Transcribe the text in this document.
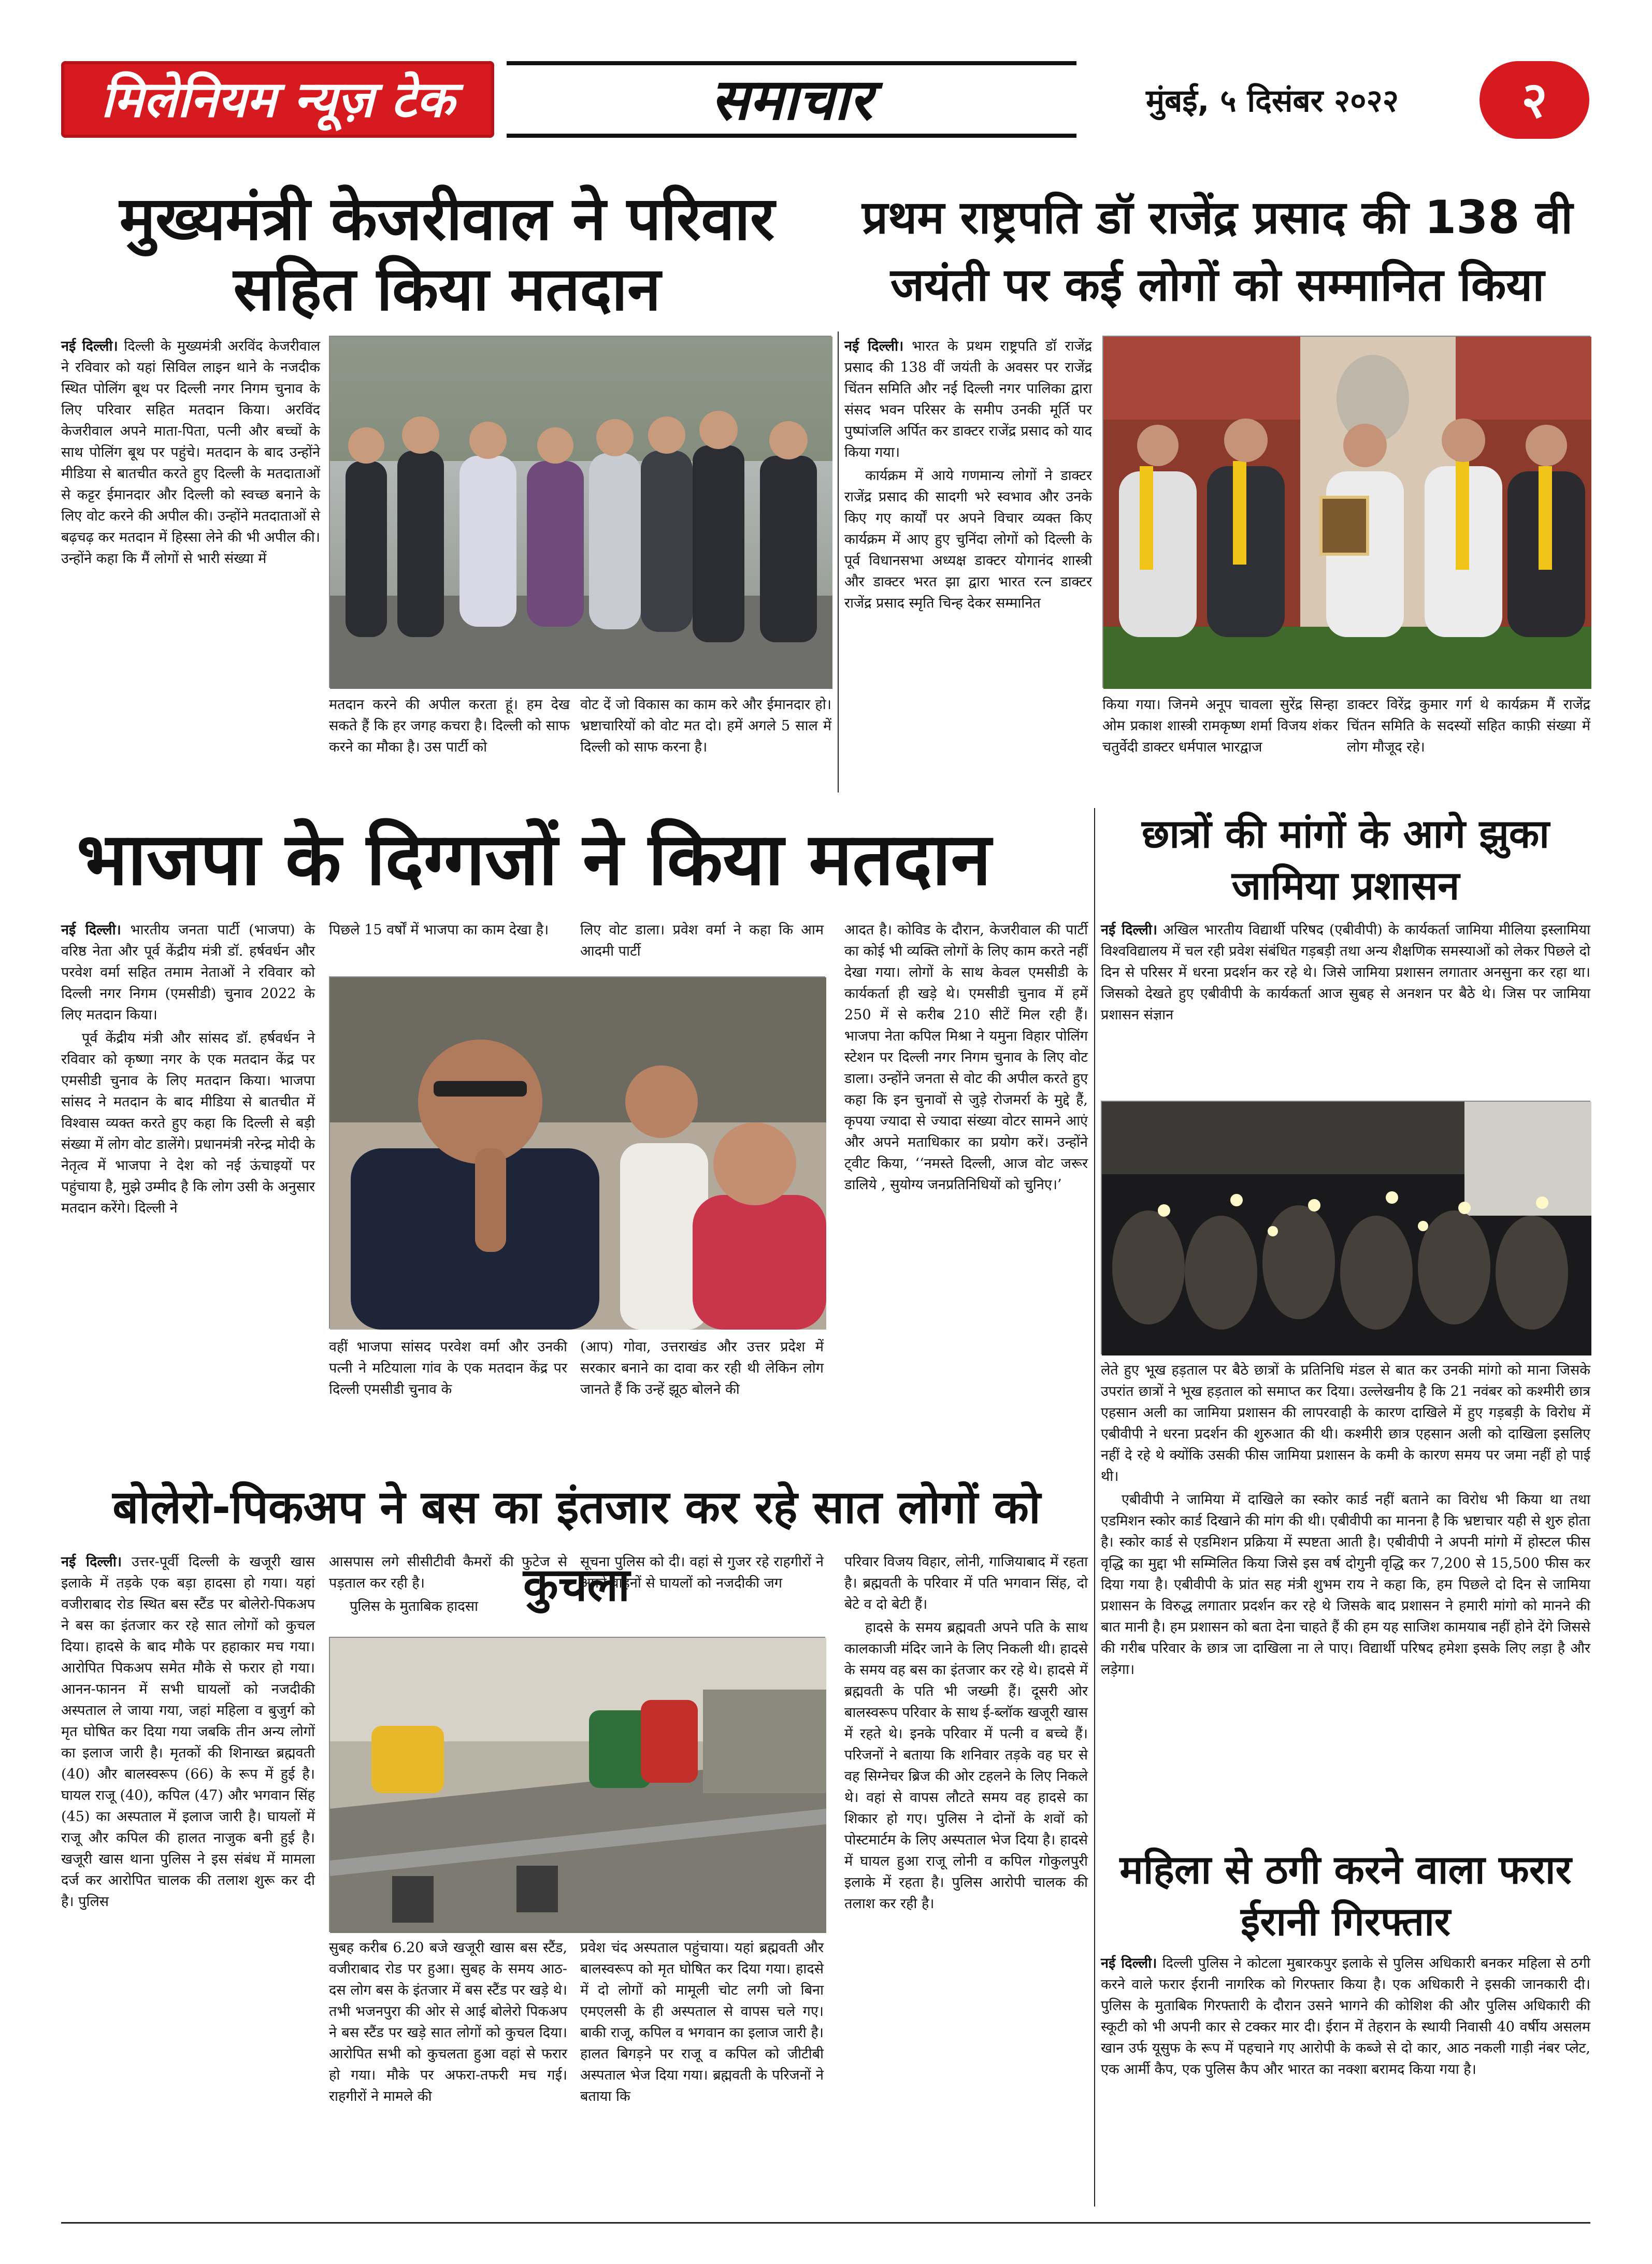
मिलेनियम न्यूज़ टेक	समाचार	मुंबई, ५ दिसंबर २०२२	२
मुख्यमंत्री केजरीवाल ने परिवार सहित किया मतदान
नई दिल्ली। दिल्ली के मुख्यमंत्री अरविंद केजरीवाल ने रविवार को यहां सिविल लाइन थाने के नजदीक स्थित पोलिंग बूथ पर दिल्ली नगर निगम चुनाव के लिए परिवार सहित मतदान किया। अरविंद केजरीवाल अपने माता-पिता, पत्नी और बच्चों के साथ पोलिंग बूथ पर पहुंचे। मतदान के बाद उन्होंने मीडिया से बातचीत करते हुए दिल्ली के मतदाताओं से कट्टर ईमानदार और दिल्ली को स्वच्छ बनाने के लिए वोट करने की अपील की। उन्होंने मतदाताओं से बढ़चढ़ कर मतदान में हिस्सा लेने की भी अपील की। उन्होंने कहा कि मैं लोगों से भारी संख्या में
मतदान करने की अपील करता हूं। हम देख सकते हैं कि हर जगह कचरा है। दिल्ली को साफ करने का मौका है। उस पार्टी को
वोट दें जो विकास का काम करे और ईमानदार हो। भ्रष्टाचारियों को वोट मत दो। हमें अगले 5 साल में दिल्ली को साफ करना है।
प्रथम राष्ट्रपति डॉ राजेंद्र प्रसाद की 138 वी जयंती पर कई लोगों को सम्मानित किया

नई दिल्ली। भारत के प्रथम राष्ट्रपति डॉ राजेंद्र प्रसाद की 138 वीं जयंती के अवसर पर राजेंद्र चिंतन समिति और नई दिल्ली नगर पालिका द्वारा संसद भवन परिसर के समीप उनकी मूर्ति पर पुष्पांजलि अर्पित कर डाक्टर राजेंद्र प्रसाद को याद किया गया।

कार्यक्रम में आये गणमान्य लोगों ने डाक्टर राजेंद्र प्रसाद की सादगी भरे स्वभाव और उनके किए गए कार्यों पर अपने विचार व्यक्त किए कार्यक्रम में आए हुए चुनिंदा लोगों को दिल्ली के पूर्व विधानसभा अध्यक्ष डाक्टर योगानंद शास्त्री और डाक्टर भरत झा द्वारा भारत रत्न डाक्टर राजेंद्र प्रसाद स्मृति चिन्ह देकर सम्मानित

किया गया। जिनमे अनूप चावला सुरेंद्र सिन्हा ओम प्रकाश शास्त्री रामकृष्ण शर्मा विजय शंकर चतुर्वेदी डाक्टर धर्मपाल भारद्वाज
डाक्टर विरेंद्र कुमार गर्ग थे कार्यक्रम मैं राजेंद्र चिंतन समिति के सदस्यों सहित काफ़ी संख्या में लोग मौजूद रहे।
भाजपा के दिग्गजों ने किया मतदान

नई दिल्ली। भारतीय जनता पार्टी (भाजपा) के वरिष्ठ नेता और पूर्व केंद्रीय मंत्री डॉ. हर्षवर्धन और परवेश वर्मा सहित तमाम नेताओं ने रविवार को दिल्ली नगर निगम (एमसीडी) चुनाव 2022 के लिए मतदान किया।

पूर्व केंद्रीय मंत्री और सांसद डॉ. हर्षवर्धन ने रविवार को कृष्णा नगर के एक मतदान केंद्र पर एमसीडी चुनाव के लिए मतदान किया। भाजपा सांसद ने मतदान के बाद मीडिया से बातचीत में विश्वास व्यक्त करते हुए कहा कि दिल्ली से बड़ी संख्या में लोग वोट डालेंगे। प्रधानमंत्री नरेन्द्र मोदी के नेतृत्व में भाजपा ने देश को नई ऊंचाइयों पर पहुंचाया है, मुझे उम्मीद है कि लोग उसी के अनुसार मतदान करेंगे। दिल्ली ने

पिछले 15 वर्षों में भाजपा का काम देखा है।	लिए वोट डाला। प्रवेश वर्मा ने कहा कि आम आदमी पार्टी
वहीं भाजपा सांसद परवेश वर्मा और उनकी पत्नी ने मटियाला गांव के एक मतदान केंद्र पर दिल्ली एमसीडी चुनाव के
(आप) गोवा, उत्तराखंड और उत्तर प्रदेश में सरकार बनाने का दावा कर रही थी लेकिन लोग जानते हैं कि उन्हें झूठ बोलने की
आदत है। कोविड के दौरान, केजरीवाल की पार्टी का कोई भी व्यक्ति लोगों के लिए काम करते नहीं देखा गया। लोगों के साथ केवल एमसीडी के कार्यकर्ता ही खड़े थे। एमसीडी चुनाव में हमें 250 में से करीब 210 सीटें मिल रही हैं। भाजपा नेता कपिल मिश्रा ने यमुना विहार पोलिंग स्टेशन पर दिल्ली नगर निगम चुनाव के लिए वोट डाला। उन्होंने जनता से वोट की अपील करते हुए कहा कि इन चुनावों से जुड़े रोजमर्रा के मुद्दे हैं, कृपया ज्यादा से ज्यादा संख्या वोटर सामने आएं और अपने मताधिकार का प्रयोग करें। उन्होंने ट्वीट किया, ‘‘नमस्ते दिल्ली, आज वोट जरूर डालिये , सुयोग्य जनप्रतिनिधियों को चुनिए।’
छात्रों की मांगों के आगे झुका जामिया प्रशासन
नई दिल्ली। अखिल भारतीय विद्यार्थी परिषद (एबीवीपी) के कार्यकर्ता जामिया मीलिया इस्लामिया विश्वविद्यालय में चल रही प्रवेश संबंधित गड़बड़ी तथा अन्य शैक्षणिक समस्याओं को लेकर पिछले दो दिन से परिसर में धरना प्रदर्शन कर रहे थे। जिसे जामिया प्रशासन लगातार अनसुना कर रहा था। जिसको देखते हुए एबीवीपी के कार्यकर्ता आज सुबह से अनशन पर बैठे थे। जिस पर जामिया प्रशासन संज्ञान

लेते हुए भूख हड़ताल पर बैठे छात्रों के प्रतिनिधि मंडल से बात कर उनकी मांगो को माना जिसके उपरांत छात्रों ने भूख हड़ताल को समाप्त कर दिया। उल्लेखनीय है कि 21 नवंबर को कश्मीरी छात्र एहसान अली का जामिया प्रशासन की लापरवाही के कारण दाखिले में हुए गड़बड़ी के विरोध में एबीवीपी ने धरना प्रदर्शन की शुरुआत की थी। कश्मीरी छात्र एहसान अली को दाखिला इसलिए नहीं दे रहे थे क्योंकि उसकी फीस जामिया प्रशासन के कमी के कारण समय पर जमा नहीं हो पाई थी।

एबीवीपी ने जामिया में दाखिले का स्कोर कार्ड नहीं बताने का विरोध भी किया था तथा एडमिशन स्कोर कार्ड दिखाने की मांग की थी। एबीवीपी का मानना है कि भ्रष्टाचार यही से शुरु होता है। स्कोर कार्ड से एडमिशन प्रक्रिया में स्पष्टता आती है। एबीवीपी ने अपनी मांगो में होस्टल फीस वृद्धि का मुद्दा भी सम्मिलित किया जिसे इस वर्ष दोगुनी वृद्धि कर 7,200 से 15,500 फीस कर दिया गया है। एबीवीपी के प्रांत सह मंत्री शुभम राय ने कहा कि, हम पिछले दो दिन से जामिया प्रशासन के विरुद्ध लगातार प्रदर्शन कर रहे थे जिसके बाद प्रशासन ने हमारी मांगो को मानने की बात मानी है। हम प्रशासन को बता देना चाहते हैं की हम यह साजिश कामयाब नहीं होने देंगे जिससे की गरीब परिवार के छात्र जा दाखिला ना ले पाए। विद्यार्थी परिषद हमेशा इसके लिए लड़ा है और लड़ेगा।

बोलेरो-पिकअप ने बस का इंतजार कर रहे सात लोगों को कुचला
नई दिल्ली। उत्तर-पूर्वी दिल्ली के खजूरी खास इलाके में तड़के एक बड़ा हादसा हो गया। यहां वजीराबाद रोड स्थित बस स्टैंड पर बोलेरो-पिकअप ने बस का इंतजार कर रहे सात लोगों को कुचल दिया। हादसे के बाद मौके पर हहाकार मच गया। आरोपित पिकअप समेत मौके से फरार हो गया। आनन-फानन में सभी घायलों को नजदीकी अस्पताल ले जाया गया, जहां महिला व बुजुर्ग को मृत घोषित कर दिया गया जबकि तीन अन्य लोगों का इलाज जारी है। मृतकों की शिनाख्त ब्रह्मवती (40) और बालस्वरूप (66) के रूप में हुई है। घायल राजू (40), कपिल (47) और भगवान सिंह (45) का अस्पताल में इलाज जारी है। घायलों में राजू और कपिल की हालत नाजुक बनी हुई है। खजूरी खास थाना पुलिस ने इस संबंध में मामला दर्ज कर आरोपित चालक की तलाश शुरू कर दी है। पुलिस

आसपास लगे सीसीटीवी कैमरों की फुटेज से पड़ताल कर रही है।

पुलिस के मुताबिक हादसा

सूचना पुलिस को दी। वहां से गुजर रहे राहगीरों ने अपने वाहनों से घायलों को नजदीकी जग
सुबह करीब 6.20 बजे खजूरी खास बस स्टैंड, वजीराबाद रोड पर हुआ। सुबह के समय आठ-दस लोग बस के इंतजार में बस स्टैंड पर खड़े थे। तभी भजनपुरा की ओर से आई बोलेरो पिकअप ने बस स्टैंड पर खड़े सात लोगों को कुचल दिया। आरोपित सभी को कुचलता हुआ वहां से फरार हो गया। मौके पर अफरा-तफरी मच गई। राहगीरों ने मामले की
प्रवेश चंद अस्पताल पहुंचाया। यहां ब्रह्मवती और बालस्वरूप को मृत घोषित कर दिया गया। हादसे में दो लोगों को मामूली चोट लगी जो बिना एमएलसी के ही अस्पताल से वापस चले गए। बाकी राजू, कपिल व भगवान का इलाज जारी है। हालत बिगड़ने पर राजू व कपिल को जीटीबी अस्पताल भेज दिया गया। ब्रह्मवती के परिजनों ने बताया कि

परिवार विजय विहार, लोनी, गाजियाबाद में रहता है। ब्रह्मवती के परिवार में पति भगवान सिंह, दो बेटे व दो बेटी हैं।

हादसे के समय ब्रह्मवती अपने पति के साथ कालकाजी मंदिर जाने के लिए निकली थी। हादसे के समय वह बस का इंतजार कर रहे थे। हादसे में ब्रह्मवती के पति भी जख्मी हैं। दूसरी ओर बालस्वरूप परिवार के साथ ई-ब्लॉक खजूरी खास में रहते थे। इनके परिवार में पत्नी व बच्चे हैं। परिजनों ने बताया कि शनिवार तड़के वह घर से वह सिग्नेचर ब्रिज की ओर टहलने के लिए निकले थे। वहां से वापस लौटते समय वह हादसे का शिकार हो गए। पुलिस ने दोनों के शवों को पोस्टमार्टम के लिए अस्पताल भेज दिया है। हादसे में घायल हुआ राजू लोनी व कपिल गोकुलपुरी इलाके में रहता है। पुलिस आरोपी चालक की तलाश कर रही है।

महिला से ठगी करने वाला फरार ईरानी गिरफ्तार
नई दिल्ली। दिल्ली पुलिस ने कोटला मुबारकपुर इलाके से पुलिस अधिकारी बनकर महिला से ठगी करने वाले फरार ईरानी नागरिक को गिरफ्तार किया है। एक अधिकारी ने इसकी जानकारी दी। पुलिस के मुताबिक गिरफ्तारी के दौरान उसने भागने की कोशिश की और पुलिस अधिकारी की स्कूटी को भी अपनी कार से टक्कर मार दी। ईरान में तेहरान के स्थायी निवासी 40 वर्षीय असलम खान उर्फ यूसुफ के रूप में पहचाने गए आरोपी के कब्जे से दो कार, आठ नकली गाड़ी नंबर प्लेट, एक आर्मी कैप, एक पुलिस कैप और भारत का नक्शा बरामद किया गया है।
